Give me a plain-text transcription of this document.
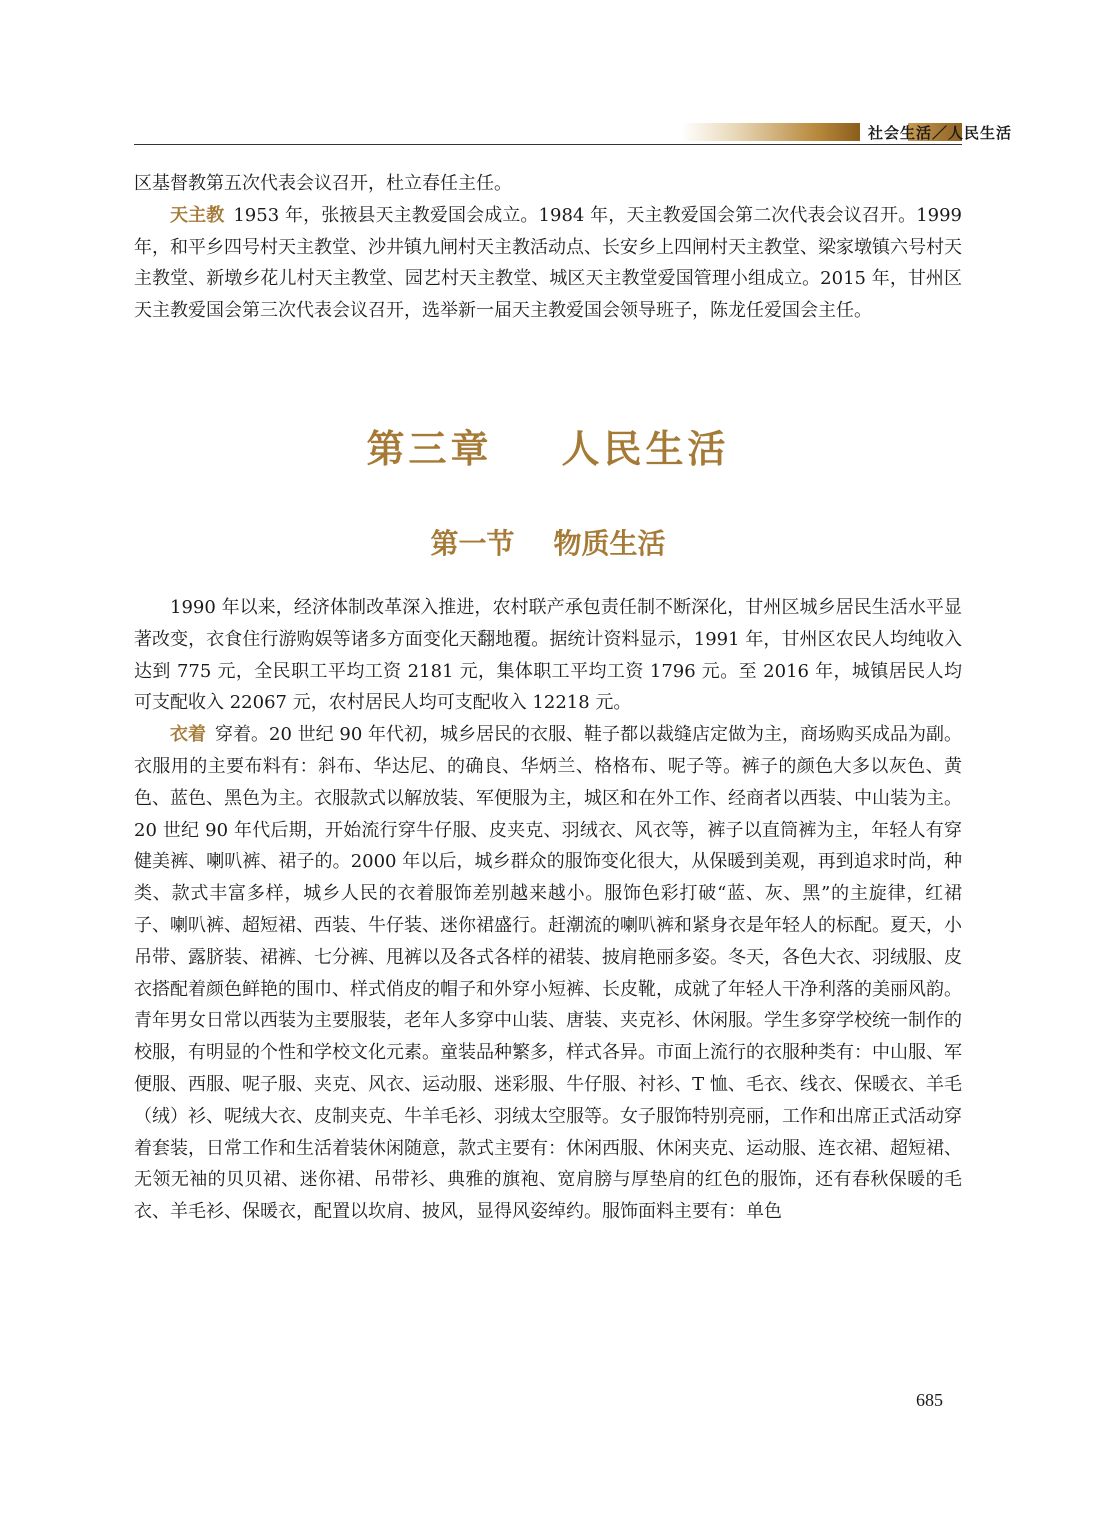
社会生活／人民生活

区基督教第五次代表会议召开，杜立春任主任。

天主教 1953 年，张掖县天主教爱国会成立。1984 年，天主教爱国会第二次代表会议召开。1999 年，和平乡四号村天主教堂、沙井镇九闸村天主教活动点、长安乡上四闸村天主教堂、梁家墩镇六号村天主教堂、新墩乡花儿村天主教堂、园艺村天主教堂、城区天主教堂爱国管理小组成立。2015 年，甘州区天主教爱国会第三次代表会议召开，选举新一届天主教爱国会领导班子，陈龙任爱国会主任。

第三章    人民生活
第一节    物质生活

1990 年以来，经济体制改革深入推进，农村联产承包责任制不断深化，甘州区城乡居民生活水平显著改变，衣食住行游购娱等诸多方面变化天翻地覆。据统计资料显示，1991 年，甘州区农民人均纯收入达到 775 元，全民职工平均工资 2181 元，集体职工平均工资 1796 元。至 2016 年，城镇居民人均可支配收入 22067 元，农村居民人均可支配收入 12218 元。

衣着 穿着。20 世纪 90 年代初，城乡居民的衣服、鞋子都以裁缝店定做为主，商场购买成品为副。衣服用的主要布料有：斜布、华达尼、的确良、华炳兰、格格布、呢子等。裤子的颜色大多以灰色、黄色、蓝色、黑色为主。衣服款式以解放装、军便服为主，城区和在外工作、经商者以西装、中山装为主。20 世纪 90 年代后期，开始流行穿牛仔服、皮夹克、羽绒衣、风衣等，裤子以直筒裤为主，年轻人有穿健美裤、喇叭裤、裙子的。2000 年以后，城乡群众的服饰变化很大，从保暖到美观，再到追求时尚，种类、款式丰富多样，城乡人民的衣着服饰差别越来越小。服饰色彩打破“蓝、灰、黑”的主旋律，红裙子、喇叭裤、超短裙、西装、牛仔装、迷你裙盛行。赶潮流的喇叭裤和紧身衣是年轻人的标配。夏天，小吊带、露脐装、裙裤、七分裤、甩裤以及各式各样的裙装、披肩艳丽多姿。冬天，各色大衣、羽绒服、皮衣搭配着颜色鲜艳的围巾、样式俏皮的帽子和外穿小短裤、长皮靴，成就了年轻人干净利落的美丽风韵。青年男女日常以西装为主要服装，老年人多穿中山装、唐装、夹克衫、休闲服。学生多穿学校统一制作的校服，有明显的个性和学校文化元素。童装品种繁多，样式各异。市面上流行的衣服种类有：中山服、军便服、西服、呢子服、夹克、风衣、运动服、迷彩服、牛仔服、衬衫、T 恤、毛衣、线衣、保暖衣、羊毛（绒）衫、呢绒大衣、皮制夹克、牛羊毛衫、羽绒太空服等。女子服饰特别亮丽，工作和出席正式活动穿着套装，日常工作和生活着装休闲随意，款式主要有：休闲西服、休闲夹克、运动服、连衣裙、超短裙、无领无袖的贝贝裙、迷你裙、吊带衫、典雅的旗袍、宽肩膀与厚垫肩的红色的服饰，还有春秋保暖的毛衣、羊毛衫、保暖衣，配置以坎肩、披风，显得风姿绰约。服饰面料主要有：单色

685
